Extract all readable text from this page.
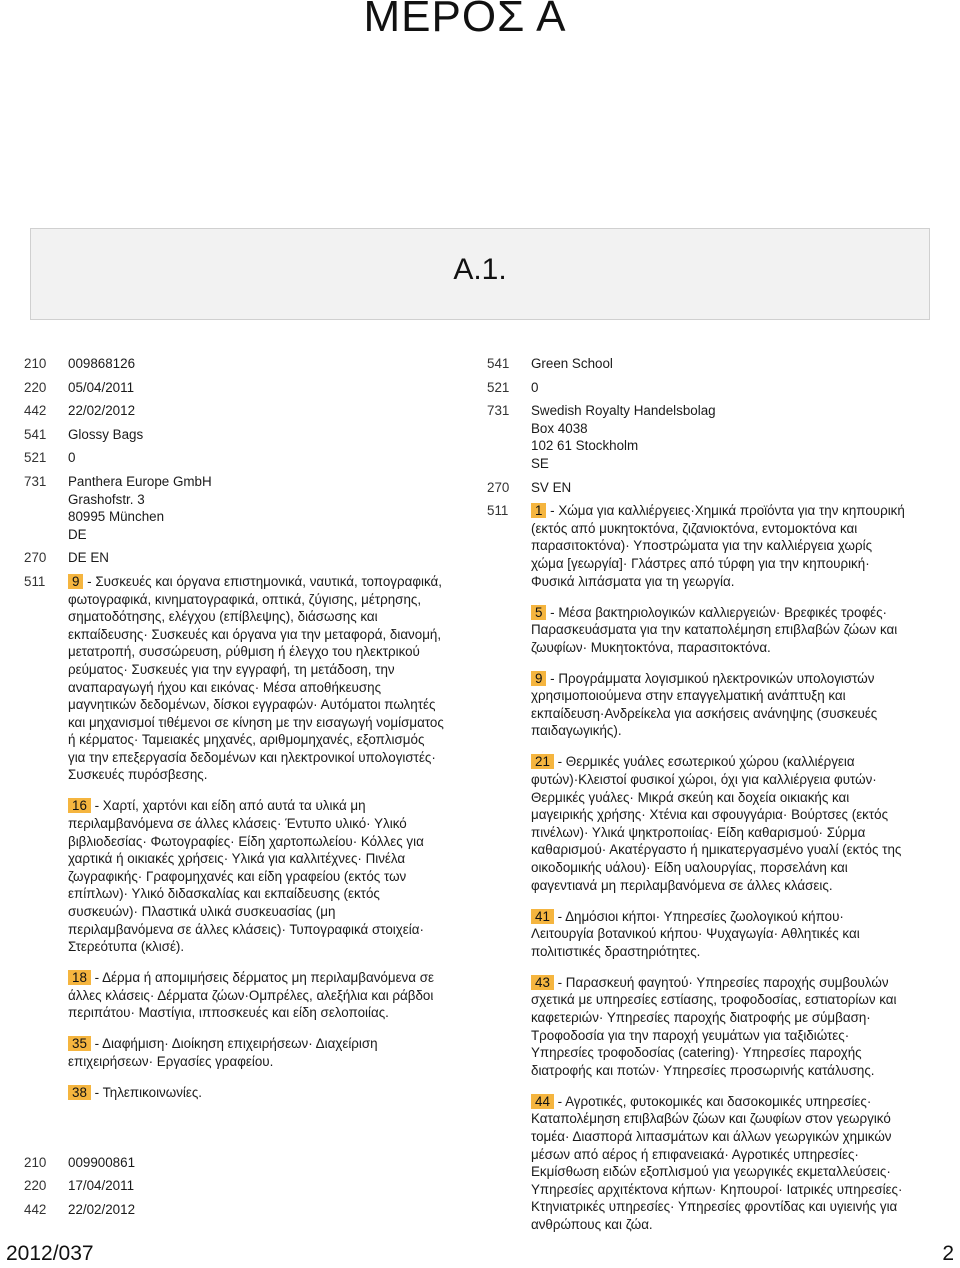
ΜΕΡΟΣ Α
A.1.
210	009868126
220	05/04/2011
442	22/02/2012
541	Glossy Bags
521	0
731	Panthera Europe GmbH
Grashofstr. 3
80995 München
DE
270	DE EN
511	9 - Συσκευές και όργανα επιστημονικά, ναυτικά, τοπογραφικά, φωτογραφικά, κινηματογραφικά, οπτικά, ζύγισης, μέτρησης, σηματοδότησης, ελέγχου (επίβλεψης), διάσωσης και εκπαίδευσης· Συσκευές και όργανα για την μεταφορά, διανομή, μετατροπή, συσσώρευση, ρύθμιση ή έλεγχο του ηλεκτρικού ρεύματος· Συσκευές για την εγγραφή, τη μετάδοση, την αναπαραγωγή ήχου και εικόνας· Μέσα αποθήκευσης μαγνητικών δεδομένων, δίσκοι εγγραφών· Αυτόματοι πωλητές και μηχανισμοί τιθέμενοι σε κίνηση με την εισαγωγή νομίσματος ή κέρματος· Ταμειακές μηχανές, αριθμομηχανές, εξοπλισμός για την επεξεργασία δεδομένων και ηλεκτρονικοί υπολογιστές· Συσκευές πυρόσβεσης.

16 - Χαρτί, χαρτόνι και είδη από αυτά τα υλικά μη περιλαμβανόμενα σε άλλες κλάσεις· Έντυπο υλικό· Υλικό βιβλιοδεσίας· Φωτογραφίες· Είδη χαρτοπωλείου· Κόλλες για χαρτικά ή οικιακές χρήσεις· Υλικά για καλλιτέχνες· Πινέλα ζωγραφικής· Γραφομηχανές και είδη γραφείου (εκτός των επίπλων)· Υλικό διδασκαλίας και εκπαίδευσης (εκτός συσκευών)· Πλαστικά υλικά συσκευασίας (μη περιλαμβανόμενα σε άλλες κλάσεις)· Τυπογραφικά στοιχεία· Στερεότυπα (κλισέ).

18 - Δέρμα ή απομιμήσεις δέρματος μη περιλαμβανόμενα σε άλλες κλάσεις· Δέρματα ζώων·Ομπρέλες, αλεξήλια και ράβδοι περιπάτου· Μαστίγια, ιπποσκευές και είδη σελοποιίας.

35 - Διαφήμιση· Διοίκηση επιχειρήσεων· Διαχείριση επιχειρήσεων· Εργασίες γραφείου.

38 - Τηλεπικοινωνίες.

210	009900861
220	17/04/2011
442	22/02/2012
541	Green School
521	0
731	Swedish Royalty Handelsbolag
Box 4038
102 61 Stockholm
SE
270	SV EN
511	1 - Χώμα για καλλιέργειες·Χημικά προϊόντα για την κηπουρική (εκτός από μυκητοκτόνα, ζιζανιοκτόνα, εντομοκτόνα και παρασιτοκτόνα)· Υποστρώματα για την καλλιέργεια χωρίς χώμα [γεωργία]· Γλάστρες από τύρφη για την κηπουρική· Φυσικά λιπάσματα για τη γεωργία.

5 - Μέσα βακτηριολογικών καλλιεργειών· Βρεφικές τροφές· Παρασκευάσματα για την καταπολέμηση επιβλαβών ζώων και ζωυφίων· Μυκητοκτόνα, παρασιτοκτόνα.

9 - Προγράμματα λογισμικού ηλεκτρονικών υπολογιστών χρησιμοποιούμενα στην επαγγελματική ανάπτυξη και εκπαίδευση·Ανδρείκελα για ασκήσεις ανάνηψης (συσκευές παιδαγωγικής).

21 - Θερμικές γυάλες εσωτερικού χώρου (καλλιέργεια φυτών)·Κλειστοί φυσικοί χώροι, όχι για καλλιέργεια φυτών· Θερμικές γυάλες· Μικρά σκεύη και δοχεία οικιακής και μαγειρικής χρήσης· Χτένια και σφουγγάρια· Βούρτσες (εκτός πινέλων)· Υλικά ψηκτροποιίας· Είδη καθαρισμού· Σύρμα καθαρισμού· Ακατέργαστο ή ημικατεργασμένο γυαλί (εκτός της οικοδομικής υάλου)· Είδη υαλουργίας, πορσελάνη και φαγεντιανά μη περιλαμβανόμενα σε άλλες κλάσεις.

41 - Δημόσιοι κήποι· Υπηρεσίες ζωολογικού κήπου· Λειτουργία βοτανικού κήπου· Ψυχαγωγία· Αθλητικές και πολιτιστικές δραστηριότητες.

43 - Παρασκευή φαγητού· Υπηρεσίες παροχής συμβουλών σχετικά με υπηρεσίες εστίασης, τροφοδοσίας, εστιατορίων και καφετεριών· Υπηρεσίες παροχής διατροφής με σύμβαση· Τροφοδοσία για την παροχή γευμάτων για ταξιδιώτες· Υπηρεσίες τροφοδοσίας (catering)· Υπηρεσίες παροχής διατροφής και ποτών· Υπηρεσίες προσωρινής κατάλυσης.

44 - Αγροτικές, φυτοκομικές και δασοκομικές υπηρεσίες· Καταπολέμηση επιβλαβών ζώων και ζωυφίων στον γεωργικό τομέα· Διασπορά λιπασμάτων και άλλων γεωργικών χημικών μέσων από αέρος ή επιφανειακά· Αγροτικές υπηρεσίες· Εκμίσθωση ειδών εξοπλισμού για γεωργικές εκμεταλλεύσεις· Υπηρεσίες αρχιτέκτονα κήπων· Κηπουροί· Ιατρικές υπηρεσίες· Κτηνιατρικές υπηρεσίες· Υπηρεσίες φροντίδας και υγιεινής για ανθρώπους και ζώα.

2012/037	2
